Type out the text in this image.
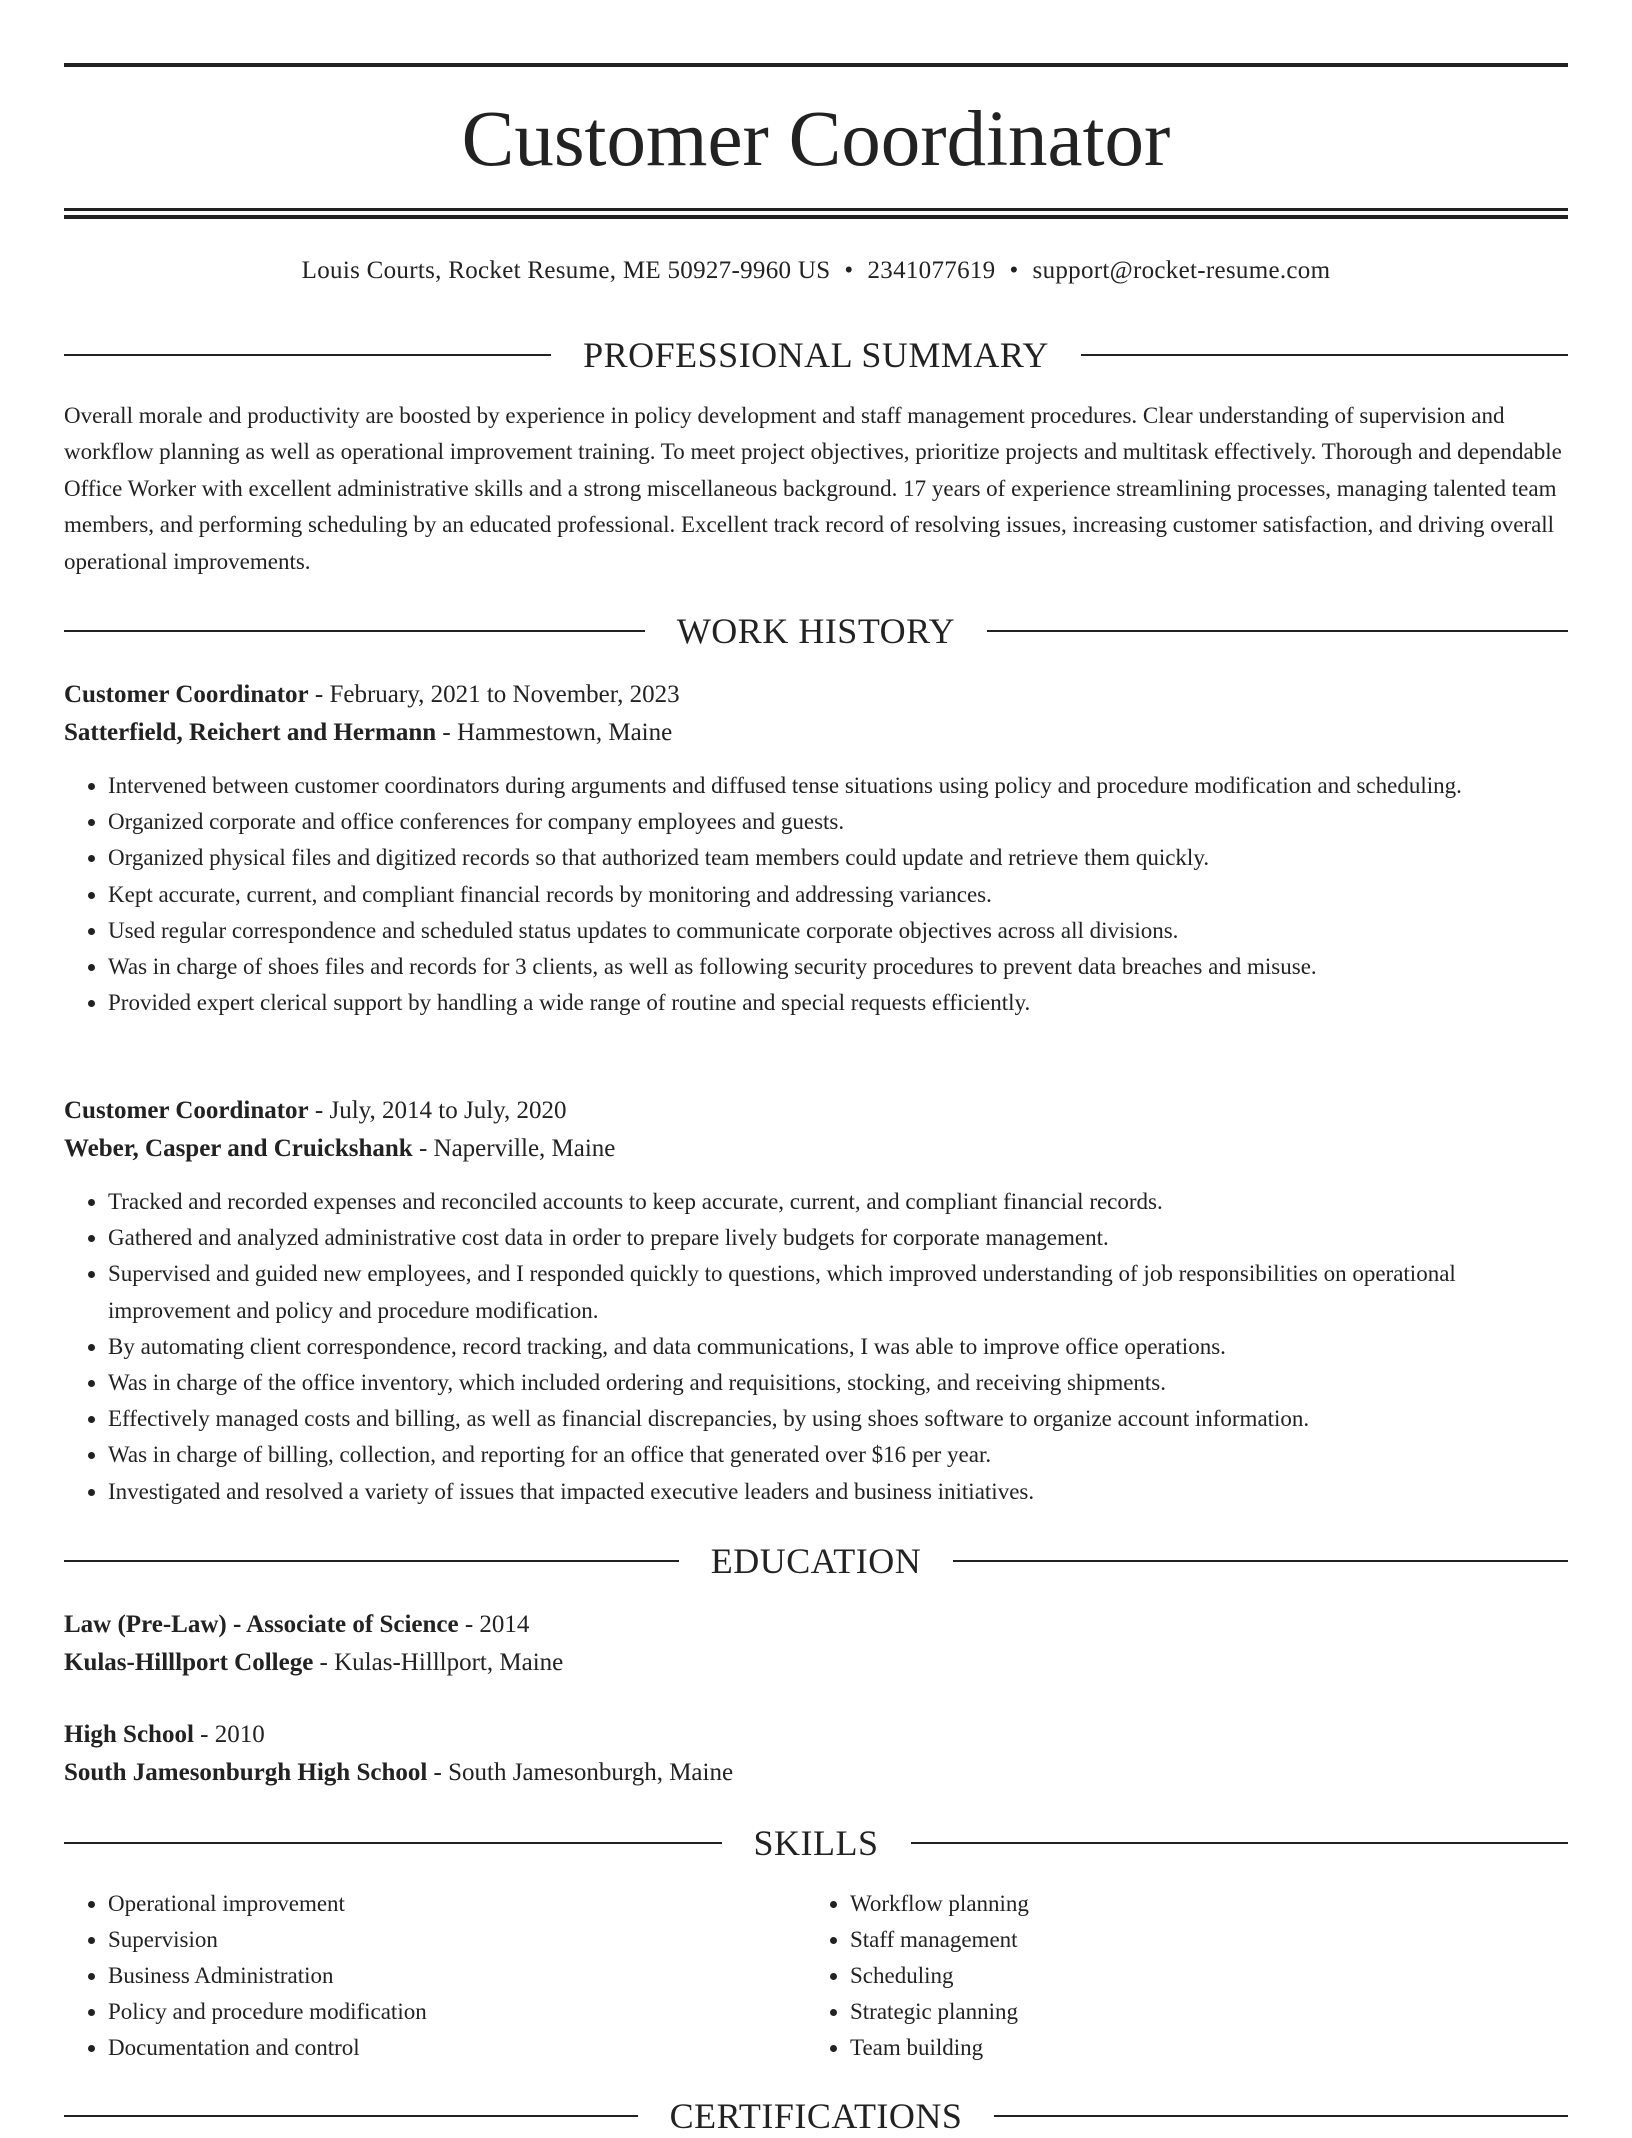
Customer Coordinator
Louis Courts, Rocket Resume, ME 50927-9960 US • 2341077619 • support@rocket-resume.com
PROFESSIONAL SUMMARY

Overall morale and productivity are boosted by experience in policy development and staff management procedures. Clear understanding of supervision and workflow planning as well as operational improvement training. To meet project objectives, prioritize projects and multitask effectively. Thorough and dependable Office Worker with excellent administrative skills and a strong miscellaneous background. 17 years of experience streamlining processes, managing talented team members, and performing scheduling by an educated professional. Excellent track record of resolving issues, increasing customer satisfaction, and driving overall operational improvements.

WORK HISTORY
Customer Coordinator - February, 2021 to November, 2023
Satterfield, Reichert and Hermann - Hammestown, Maine
• Intervened between customer coordinators during arguments and diffused tense situations using policy and procedure modification and scheduling.
• Organized corporate and office conferences for company employees and guests.
• Organized physical files and digitized records so that authorized team members could update and retrieve them quickly.
• Kept accurate, current, and compliant financial records by monitoring and addressing variances.
• Used regular correspondence and scheduled status updates to communicate corporate objectives across all divisions.
• Was in charge of shoes files and records for 3 clients, as well as following security procedures to prevent data breaches and misuse.
• Provided expert clerical support by handling a wide range of routine and special requests efficiently.
Customer Coordinator - July, 2014 to July, 2020
Weber, Casper and Cruickshank - Naperville, Maine
• Tracked and recorded expenses and reconciled accounts to keep accurate, current, and compliant financial records.
• Gathered and analyzed administrative cost data in order to prepare lively budgets for corporate management.
• Supervised and guided new employees, and I responded quickly to questions, which improved understanding of job responsibilities on operational improvement and policy and procedure modification.
• By automating client correspondence, record tracking, and data communications, I was able to improve office operations.
• Was in charge of the office inventory, which included ordering and requisitions, stocking, and receiving shipments.
• Effectively managed costs and billing, as well as financial discrepancies, by using shoes software to organize account information.
• Was in charge of billing, collection, and reporting for an office that generated over $16 per year.
• Investigated and resolved a variety of issues that impacted executive leaders and business initiatives.
EDUCATION
Law (Pre-Law) - Associate of Science - 2014
Kulas-Hilllport College - Kulas-Hilllport, Maine
High School - 2010
South Jamesonburgh High School - South Jamesonburgh, Maine
SKILLS
• Operational improvement
• Supervision
• Business Administration
• Policy and procedure modification
• Documentation and control
• Workflow planning
• Staff management
• Scheduling
• Strategic planning
• Team building
CERTIFICATIONS
